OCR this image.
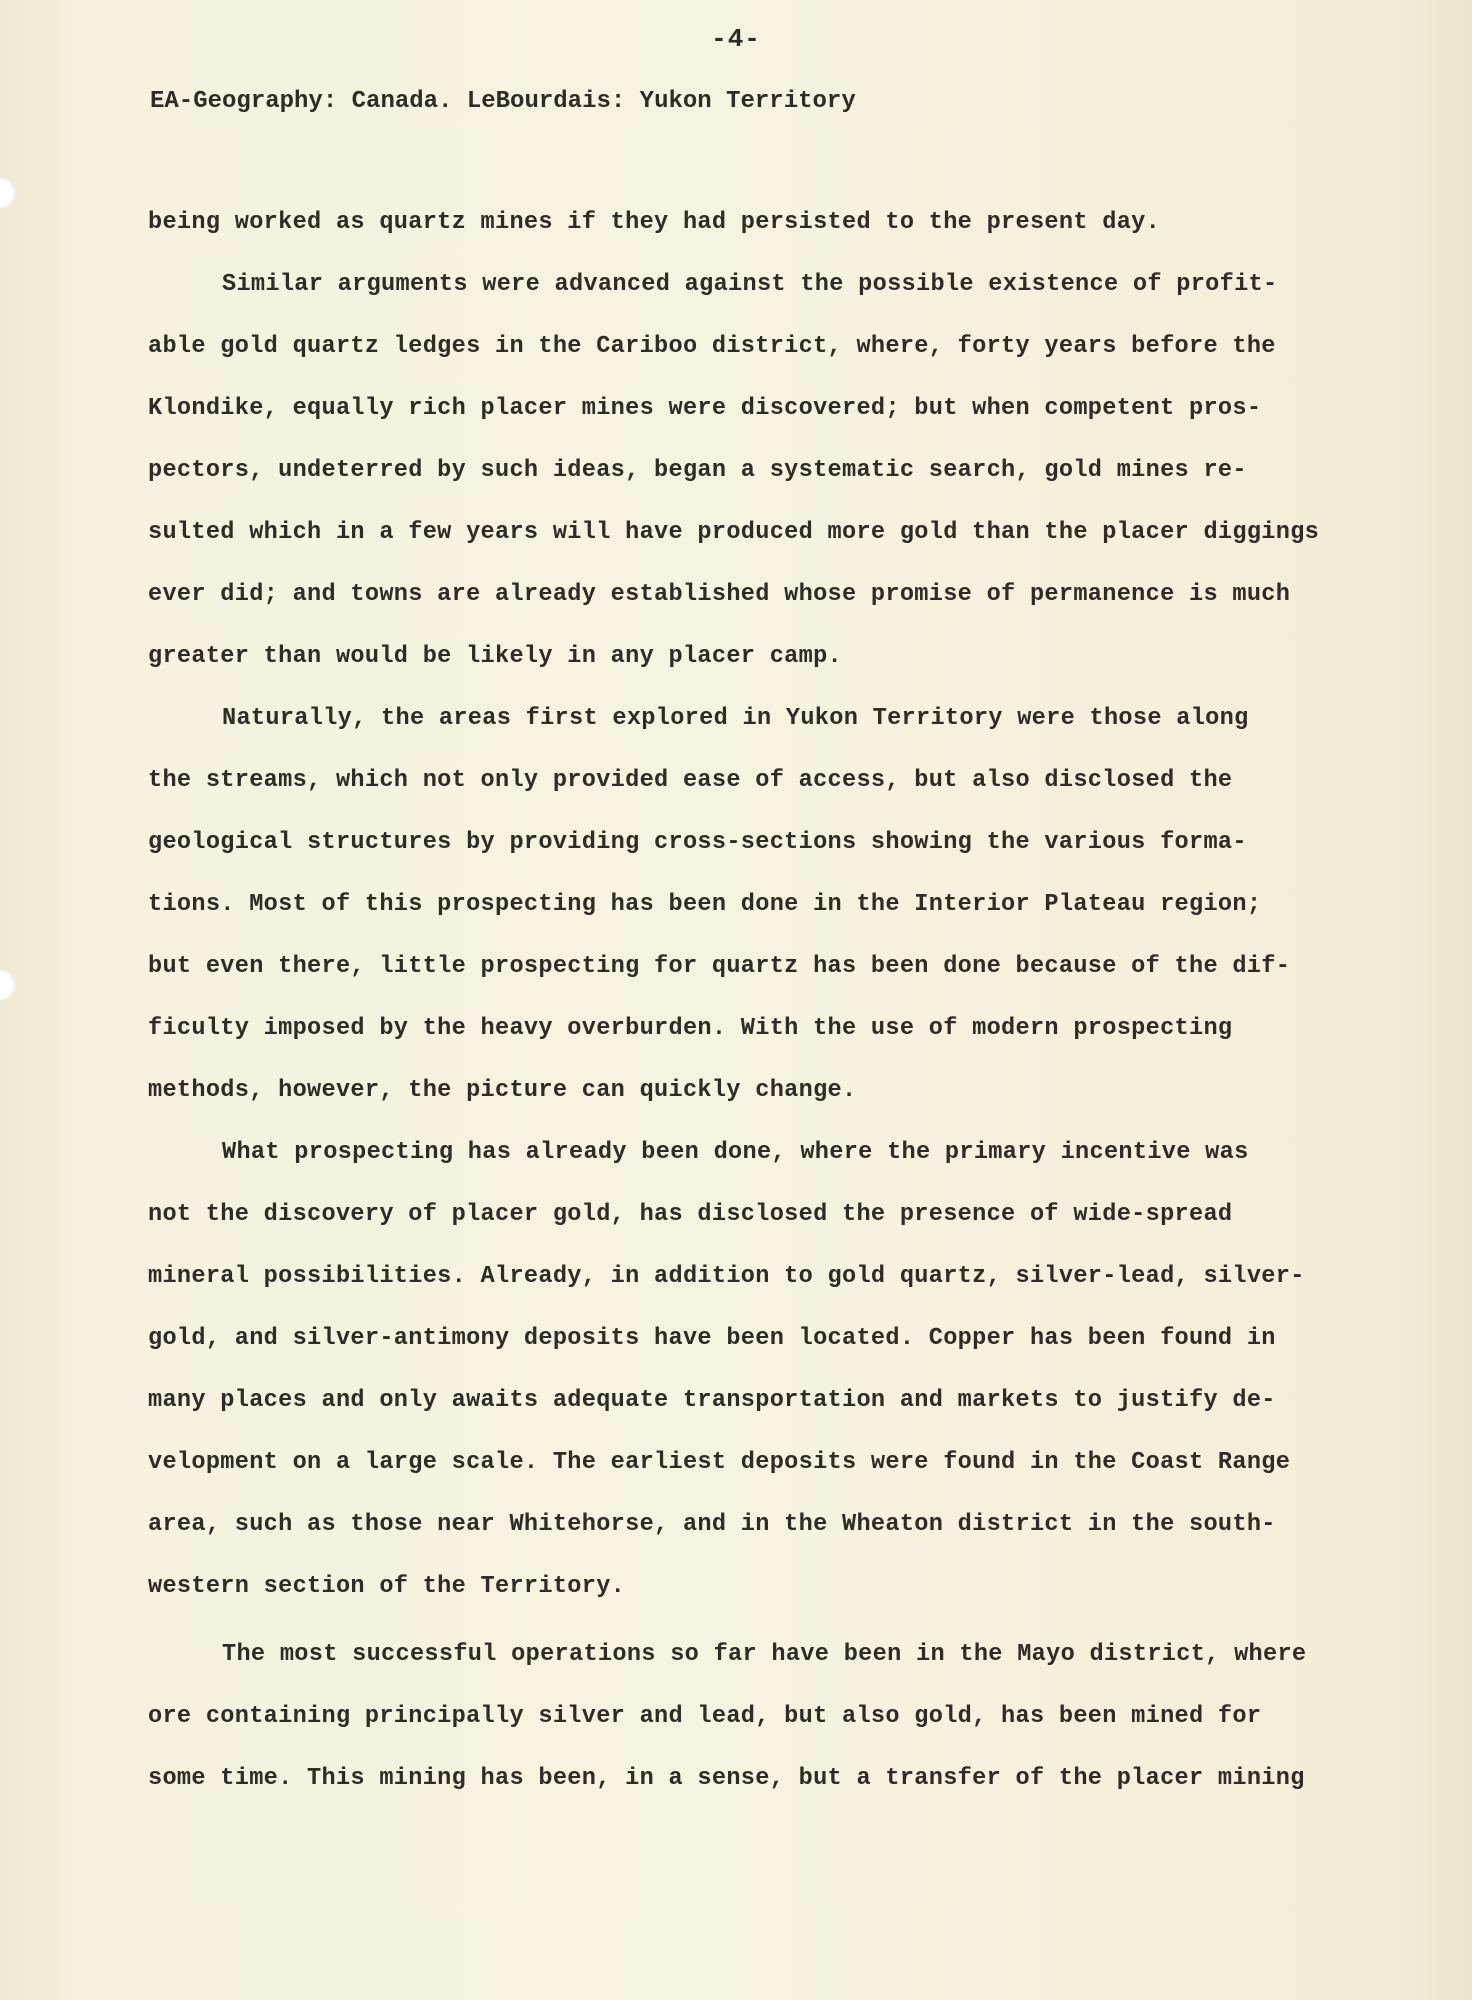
-4-
EA-Geography: Canada. LeBourdais: Yukon Territory
being worked as quartz mines if they had persisted to the present day.
Similar arguments were advanced against the possible existence of profit-
able gold quartz ledges in the Cariboo district, where, forty years before the
Klondike, equally rich placer mines were discovered; but when competent pros-
pectors, undeterred by such ideas, began a systematic search, gold mines re-
sulted which in a few years will have produced more gold than the placer diggings
ever did; and towns are already established whose promise of permanence is much
greater than would be likely in any placer camp.
Naturally, the areas first explored in Yukon Territory were those along
the streams, which not only provided ease of access, but also disclosed the
geological structures by providing cross-sections showing the various forma-
tions. Most of this prospecting has been done in the Interior Plateau region;
but even there, little prospecting for quartz has been done because of the dif-
ficulty imposed by the heavy overburden. With the use of modern prospecting
methods, however, the picture can quickly change.
What prospecting has already been done, where the primary incentive was
not the discovery of placer gold, has disclosed the presence of wide-spread
mineral possibilities. Already, in addition to gold quartz, silver-lead, silver-
gold, and silver-antimony deposits have been located. Copper has been found in
many places and only awaits adequate transportation and markets to justify de-
velopment on a large scale. The earliest deposits were found in the Coast Range
area, such as those near Whitehorse, and in the Wheaton district in the south-
western section of the Territory.
The most successful operations so far have been in the Mayo district, where
ore containing principally silver and lead, but also gold, has been mined for
some time. This mining has been, in a sense, but a transfer of the placer mining
